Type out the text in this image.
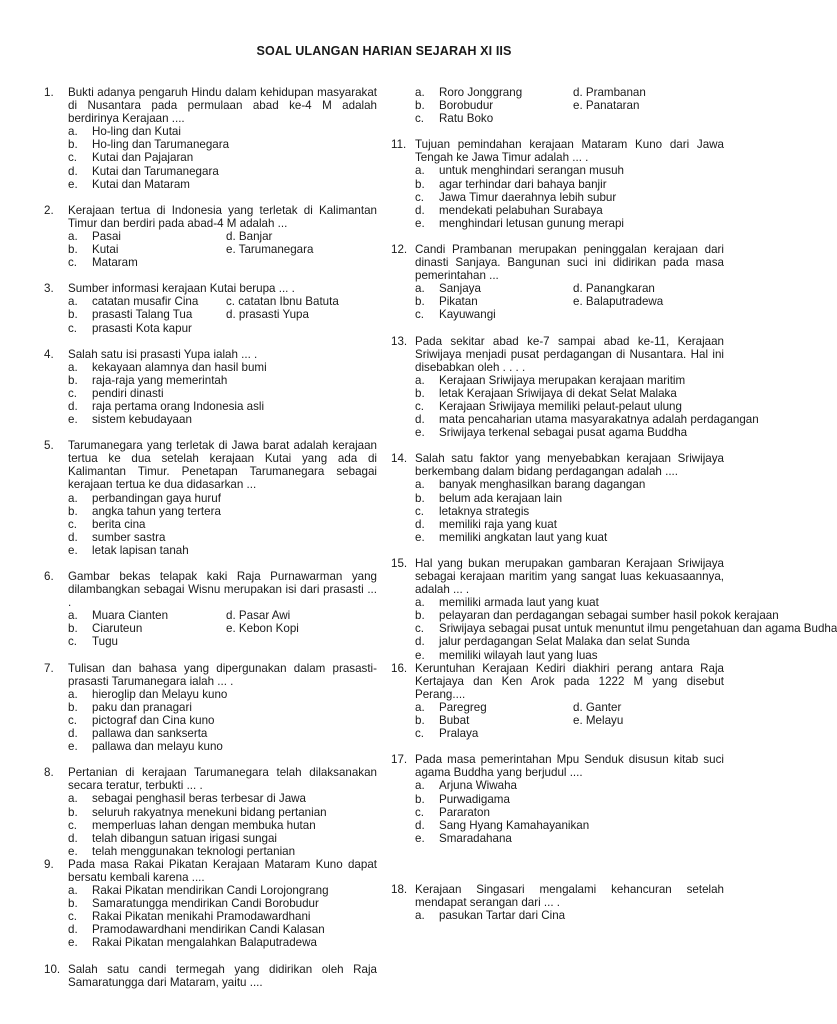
SOAL ULANGAN HARIAN SEJARAH XI IIS
1.	Bukti adanya pengaruh Hindu dalam kehidupan masyarakat di Nusantara pada permulaan abad ke-4 M adalah berdirinya Kerajaan ....
a.	Ho-ling dan Kutai
b.	Ho-ling dan Tarumanegara
c.	Kutai dan Pajajaran
d.	Kutai dan Tarumanegara
e.	Kutai dan Mataram
2.	Kerajaan tertua di Indonesia yang terletak di Kalimantan Timur dan berdiri pada abad-4 M adalah ...
a.	Pasai	d. Banjar
b.	Kutai	e. Tarumanegara
c.	Mataram
3.	Sumber informasi kerajaan Kutai berupa ... .
a.	catatan musafir Cina	c. catatan Ibnu Batuta
b.	prasasti Talang Tua	d. prasasti Yupa
c.	prasasti Kota kapur
4.	Salah satu isi prasasti Yupa ialah ... .
a.	kekayaan alamnya dan hasil bumi
b.	raja-raja yang memerintah
c.	pendiri dinasti
d.	raja pertama orang Indonesia asli
e.	sistem kebudayaan
5.	Tarumanegara yang terletak di Jawa barat adalah kerajaan tertua ke dua setelah kerajaan Kutai yang ada di Kalimantan Timur. Penetapan Tarumanegara sebagai kerajaan tertua ke dua didasarkan ...
a.	perbandingan gaya huruf
b.	angka tahun yang tertera
c.	berita cina
d.	sumber sastra
e.	letak lapisan tanah
6.	Gambar bekas telapak kaki Raja Purnawarman yang dilambangkan sebagai Wisnu merupakan isi dari prasasti ... .
a.	Muara Cianten	d. Pasar Awi
b.	Ciaruteun	e. Kebon Kopi
c.	Tugu
7.	Tulisan dan bahasa yang dipergunakan dalam prasasti-prasasti Tarumanegara ialah ... .
a.	hieroglip dan Melayu kuno
b.	paku dan pranagari
c.	pictograf dan Cina kuno
d.	pallawa dan sankserta
e.	pallawa dan melayu kuno
8.	Pertanian di kerajaan Tarumanegara telah dilaksanakan secara teratur, terbukti ... .
a.	sebagai penghasil beras terbesar di Jawa
b.	seluruh rakyatnya menekuni bidang pertanian
c.	memperluas lahan dengan membuka hutan
d.	telah dibangun satuan irigasi sungai
e.	telah menggunakan teknologi pertanian
9.	Pada masa Rakai Pikatan Kerajaan Mataram Kuno dapat bersatu kembali karena ....
a.	Rakai Pikatan mendirikan Candi Lorojongrang
b.	Samaratungga mendirikan Candi Borobudur
c.	Rakai Pikatan menikahi Pramodawardhani
d.	Pramodawardhani mendirikan Candi Kalasan
e.	Rakai Pikatan mengalahkan Balaputradewa
10. Salah satu candi termegah yang didirikan oleh Raja Samaratungga dari Mataram, yaitu ....
a.	Roro Jonggrang	d. Prambanan
b.	Borobudur	e. Panataran
c.	Ratu Boko
11. Tujuan pemindahan kerajaan Mataram Kuno dari Jawa Tengah ke Jawa Timur adalah ... .
a.	untuk menghindari serangan musuh
b.	agar terhindar dari bahaya banjir
c.	Jawa Timur daerahnya lebih subur
d.	mendekati pelabuhan Surabaya
e.	menghindari letusan gunung merapi
12. Candi Prambanan merupakan peninggalan kerajaan dari dinasti Sanjaya. Bangunan suci ini didirikan pada masa pemerintahan ...
a.	Sanjaya	d. Panangkaran
b.	Pikatan	e. Balaputradewa
c.	Kayuwangi
13. Pada sekitar abad ke-7 sampai abad ke-11, Kerajaan Sriwijaya menjadi pusat perdagangan di Nusantara. Hal ini disebabkan oleh . . . .
a.	Kerajaan Sriwijaya merupakan kerajaan maritim
b.	letak Kerajaan Sriwijaya di dekat Selat Malaka
c.	Kerajaan Sriwijaya memiliki pelaut-pelaut ulung
d.	mata pencaharian utama masyarakatnya adalah perdagangan
e.	Sriwijaya terkenal sebagai pusat agama Buddha
14. Salah satu faktor yang menyebabkan kerajaan Sriwijaya berkembang dalam bidang perdagangan adalah ....
a.	banyak menghasilkan barang dagangan
b.	belum ada kerajaan lain
c.	letaknya strategis
d.	memiliki raja yang kuat
e.	memiliki angkatan laut yang kuat
15. Hal yang bukan merupakan gambaran Kerajaan Sriwijaya sebagai kerajaan maritim yang sangat luas kekuasaannya, adalah ... .
a.	memiliki armada laut yang kuat
b.	pelayaran dan perdagangan sebagai sumber hasil pokok kerajaan
c.	Sriwijaya sebagai pusat untuk menuntut ilmu pengetahuan dan agama Budha
d.	jalur perdagangan Selat Malaka dan selat Sunda
e.	memiliki wilayah laut yang luas
16. Keruntuhan Kerajaan Kediri diakhiri perang antara Raja Kertajaya dan Ken Arok pada 1222 M yang disebut Perang....
a.	Paregreg	d. Ganter
b.	Bubat	e. Melayu
c.	Pralaya
17. Pada masa pemerintahan Mpu Senduk disusun kitab suci agama Buddha yang berjudul ....
a.	Arjuna Wiwaha
b.	Purwadigama
c.	Pararaton
d.	Sang Hyang Kamahayanikan
e.	Smaradahana
18. Kerajaan Singasari mengalami kehancuran setelah mendapat serangan dari ... .
a.	pasukan Tartar dari Cina
